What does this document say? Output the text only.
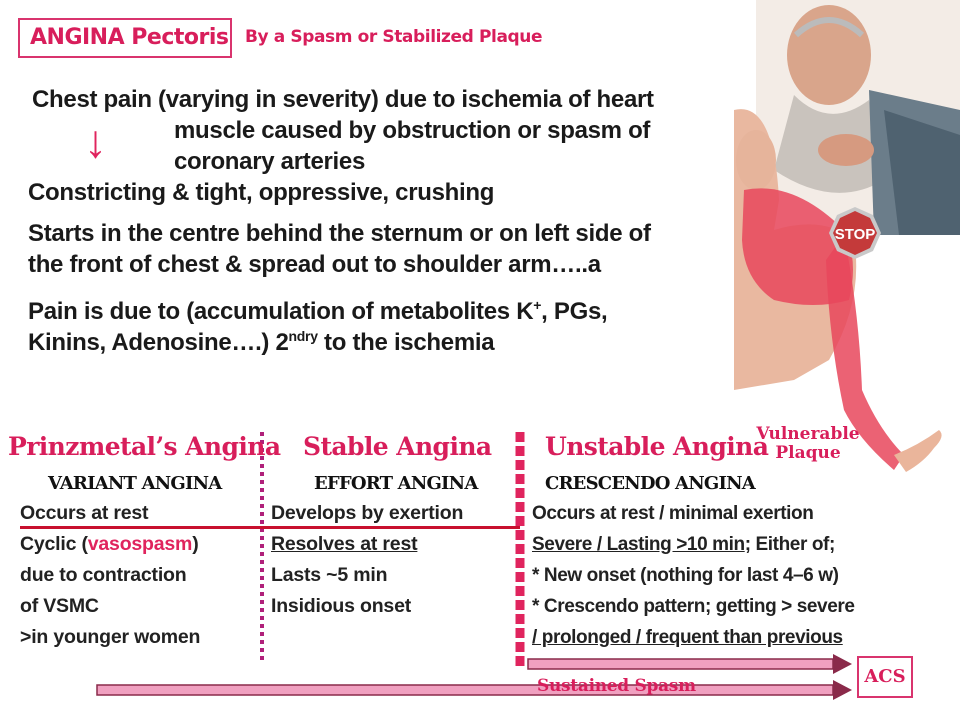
ANGINA Pectoris By a Spasm or Stabilized Plaque
Chest pain (varying in severity) due to ischemia of heart
muscle caused by obstruction or spasm of
coronary arteries
↓
Constricting & tight, oppressive, crushing
Starts in the centre behind the sternum or on left side of
the front of chest & spread out to shoulder arm…..a
Pain is due to (accumulation of metabolites K+, PGs,
Kinins, Adenosine….) $2^{ndry}$ to the ischemia
STOP
Vulnerable
Plaque
Prinzmetal’s Angina Stable Angina Unstable Angina
VARIANT ANGINA	EFFORT ANGINA	CRESCENDO ANGINA
Occurs at rest
Cyclic (vasospasm)
due to contraction
of VSMC
>in younger women
Develops by exertion
Resolves at rest
Lasts ~5 min
Insidious onset
Occurs at rest / minimal exertion
Severe / Lasting >10 min; Either of;
* New onset (nothing for last 4–6 w)
* Crescendo pattern; getting > severe
/ prolonged / frequent than previous
ACS
Sustained Spasm
